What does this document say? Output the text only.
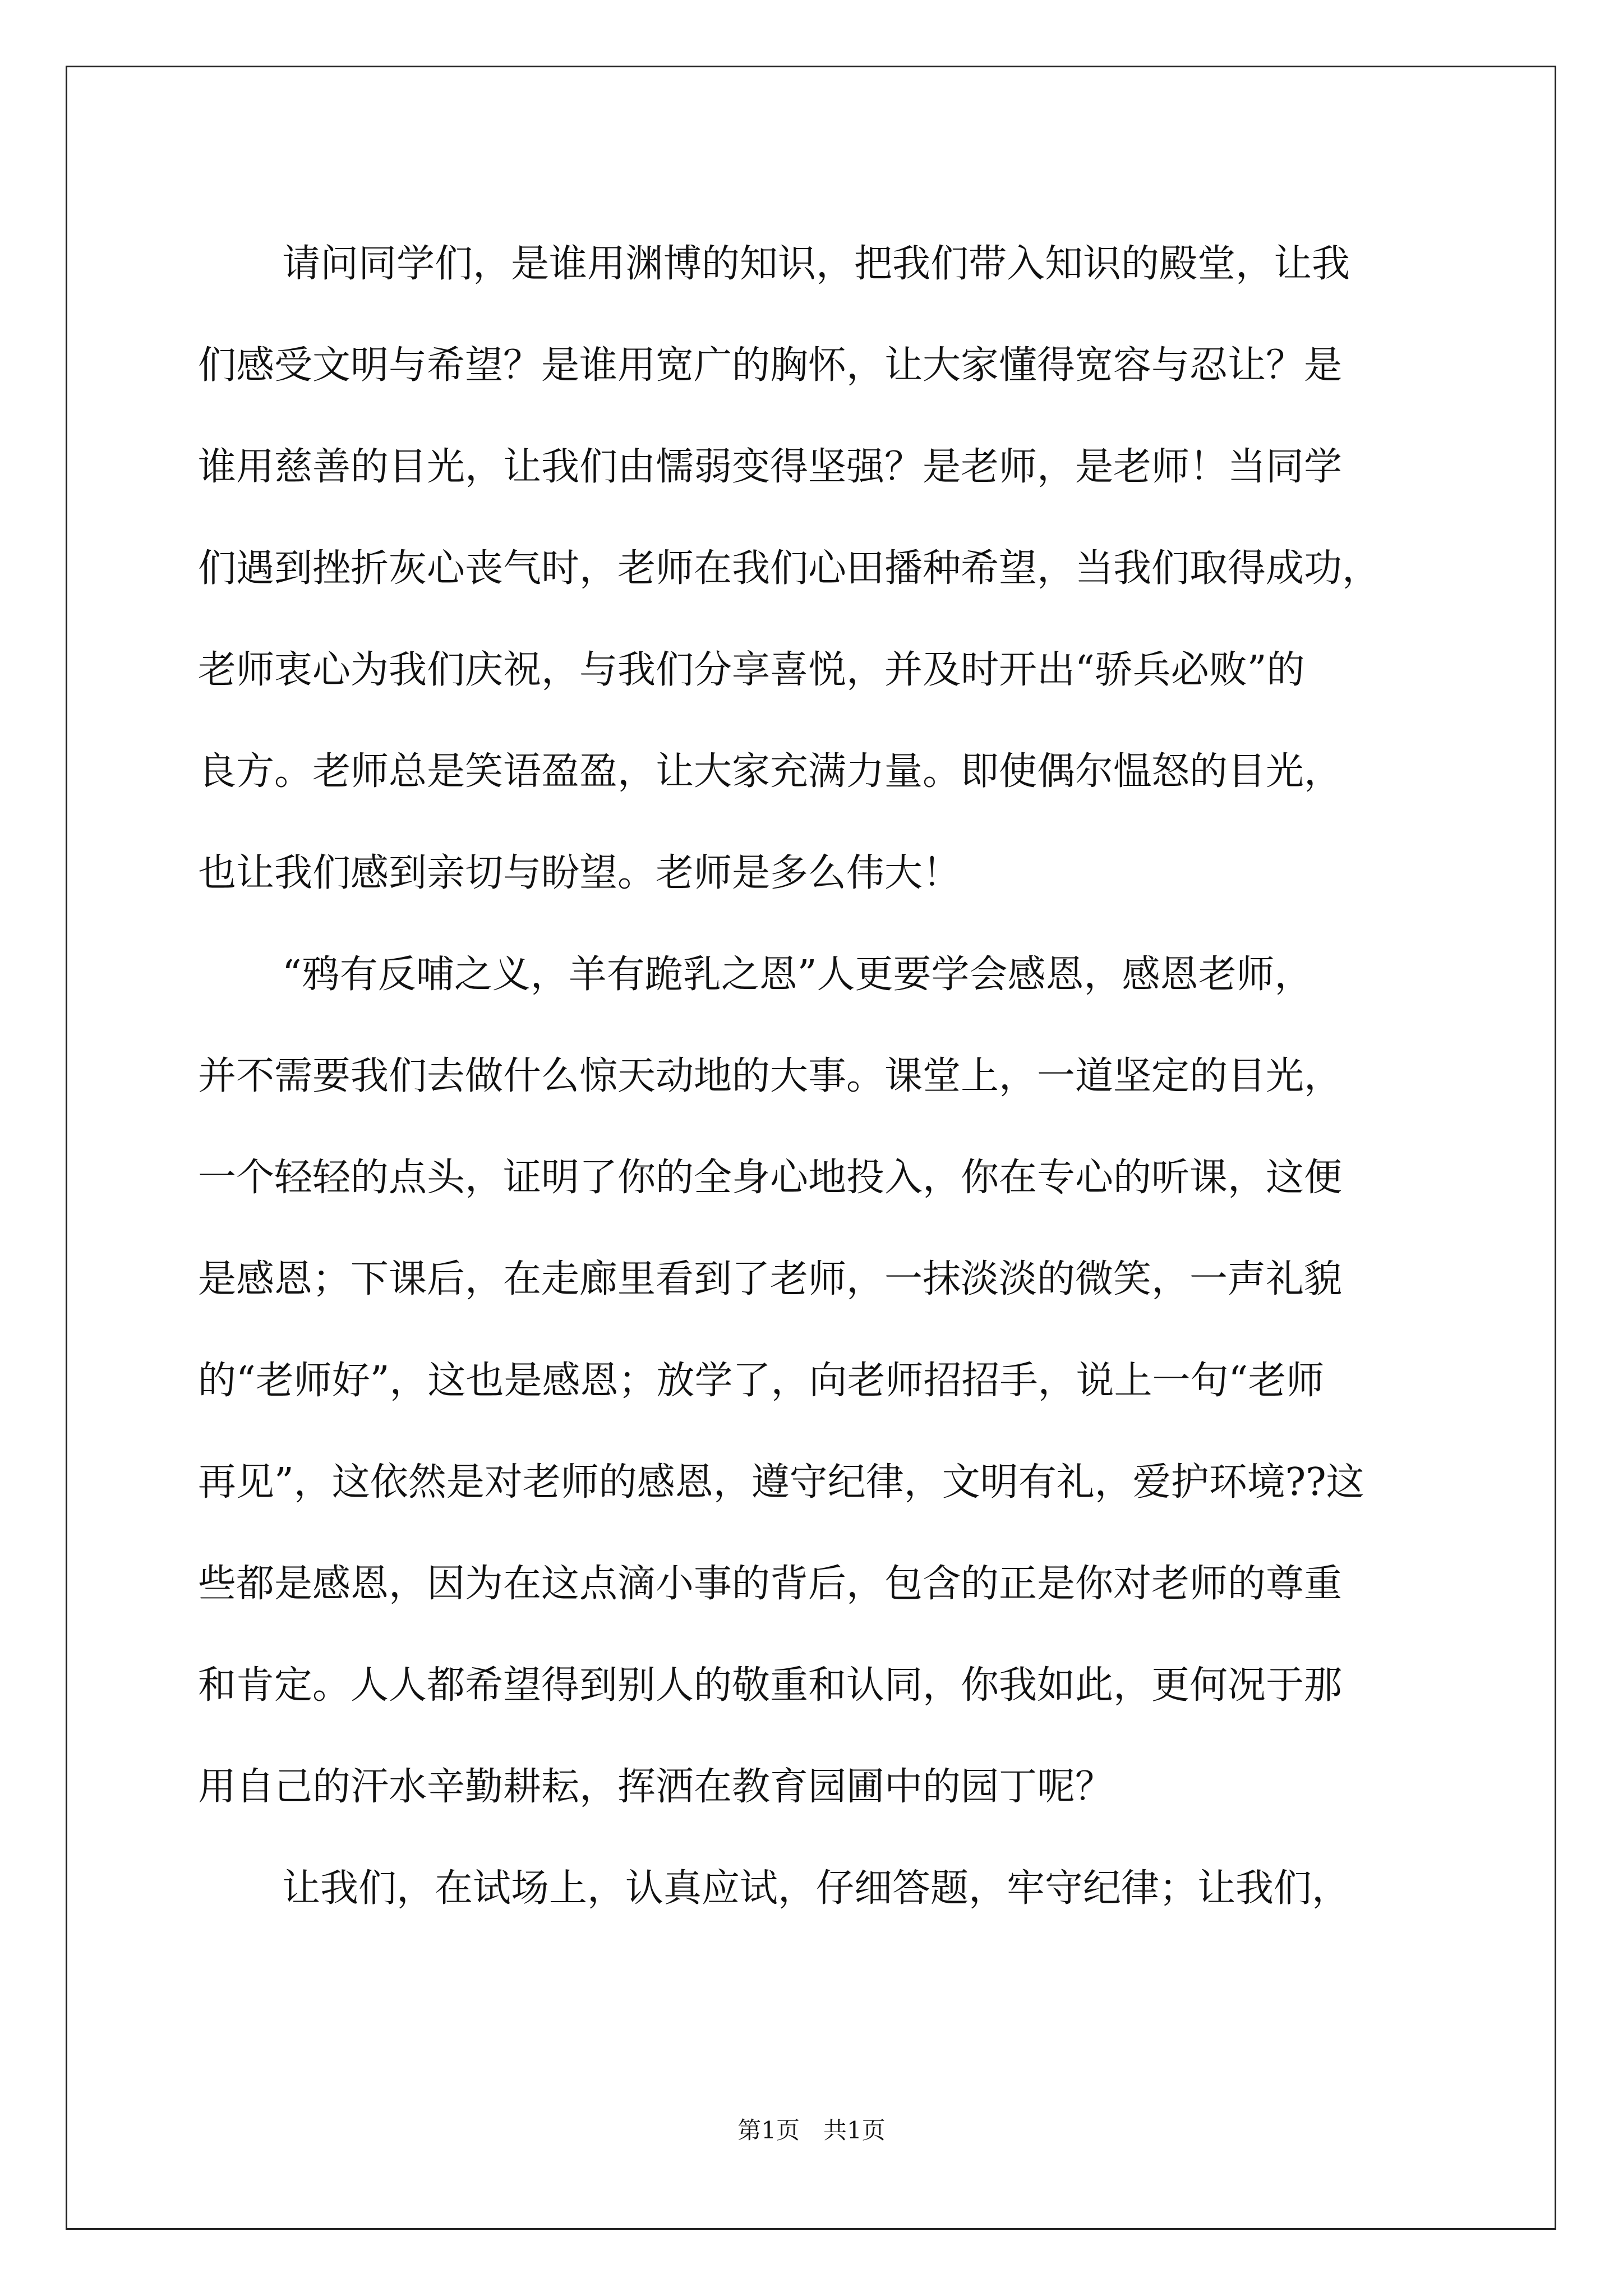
请问同学们，是谁用渊博的知识，把我们带入知识的殿堂，让我
们感受文明与希望？是谁用宽广的胸怀，让大家懂得宽容与忍让？是
谁用慈善的目光，让我们由懦弱变得坚强？是老师，是老师！当同学
们遇到挫折灰心丧气时，老师在我们心田播种希望，当我们取得成功，
老师衷心为我们庆祝，与我们分享喜悦，并及时开出“骄兵必败”的
良方。老师总是笑语盈盈，让大家充满力量。即使偶尔愠怒的目光，
也让我们感到亲切与盼望。老师是多么伟大！
“鸦有反哺之义，羊有跪乳之恩”人更要学会感恩，感恩老师，
并不需要我们去做什么惊天动地的大事。课堂上，一道坚定的目光，
一个轻轻的点头，证明了你的全身心地投入，你在专心的听课，这便
是感恩；下课后，在走廊里看到了老师，一抹淡淡的微笑，一声礼貌
的“老师好”，这也是感恩；放学了，向老师招招手，说上一句“老师
再见”，这依然是对老师的感恩，遵守纪律，文明有礼，爱护环境??这
些都是感恩，因为在这点滴小事的背后，包含的正是你对老师的尊重
和肯定。人人都希望得到别人的敬重和认同，你我如此，更何况于那
用自己的汗水辛勤耕耘，挥洒在教育园圃中的园丁呢？
让我们，在试场上，认真应试，仔细答题，牢守纪律；让我们，
第1页　共1页
